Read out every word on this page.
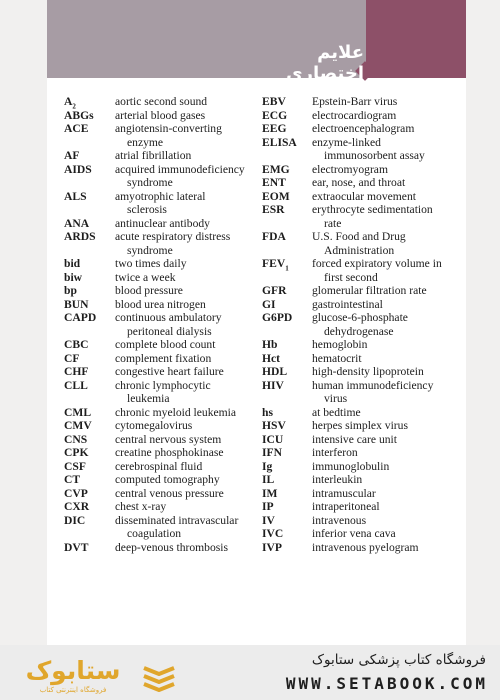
علایم اختصاری
$A_2$	aortic second sound
ABGs arterial blood gases
ACE angiotensin-converting
enzyme
AF	atrial fibrillation
AIDS acquired immunodeficiency
syndrome
ALS amyotrophic lateral
sclerosis
ANA antinuclear antibody
ARDS acute respiratory distress
syndrome
bid	two times daily
biw	twice a week
bp	blood pressure
BUN blood urea nitrogen
CAPD continuous ambulatory
peritoneal dialysis
CBC complete blood count
CF	complement fixation
CHF congestive heart failure
CLL chronic lymphocytic
leukemia
CML chronic myeloid leukemia
CMV cytomegalovirus
CNS central nervous system
CPK creatine phosphokinase
CSF	cerebrospinal fluid
CT	computed tomography
CVP central venous pressure
CXR chest x-ray
DIC	disseminated intravascular
coagulation
DVT deep-venous thrombosis
EBV Epstein-Barr virus
ECG electrocardiogram
EEG electroencephalogram
ELISA enzyme-linked
immunosorbent assay
EMG electromyogram
ENT ear, nose, and throat
EOM extraocular movement
ESR erythrocyte sedimentation
rate
FDA U.S. Food and Drug
Administration
$FEV_1$ forced expiratory volume in
first second
GFR glomerular filtration rate
GI	gastrointestinal
G6PD glucose-6-phosphate
dehydrogenase
Hb	hemoglobin
Hct	hematocrit
HDL high-density lipoprotein
HIV human immunodeficiency
virus
hs	at bedtime
HSV herpes simplex virus
ICU intensive care unit
IFN	interferon
Ig	immunoglobulin
IL	interleukin
IM	intramuscular
IP	intraperitoneal
IV	intravenous
IVC inferior vena cava
IVP	intravenous pyelogram
ستابوک
فروشگاه اینترنتی کتاب
فروشگاه کتاب پزشکی ستابوک
WWW.SETABOOK.COM
